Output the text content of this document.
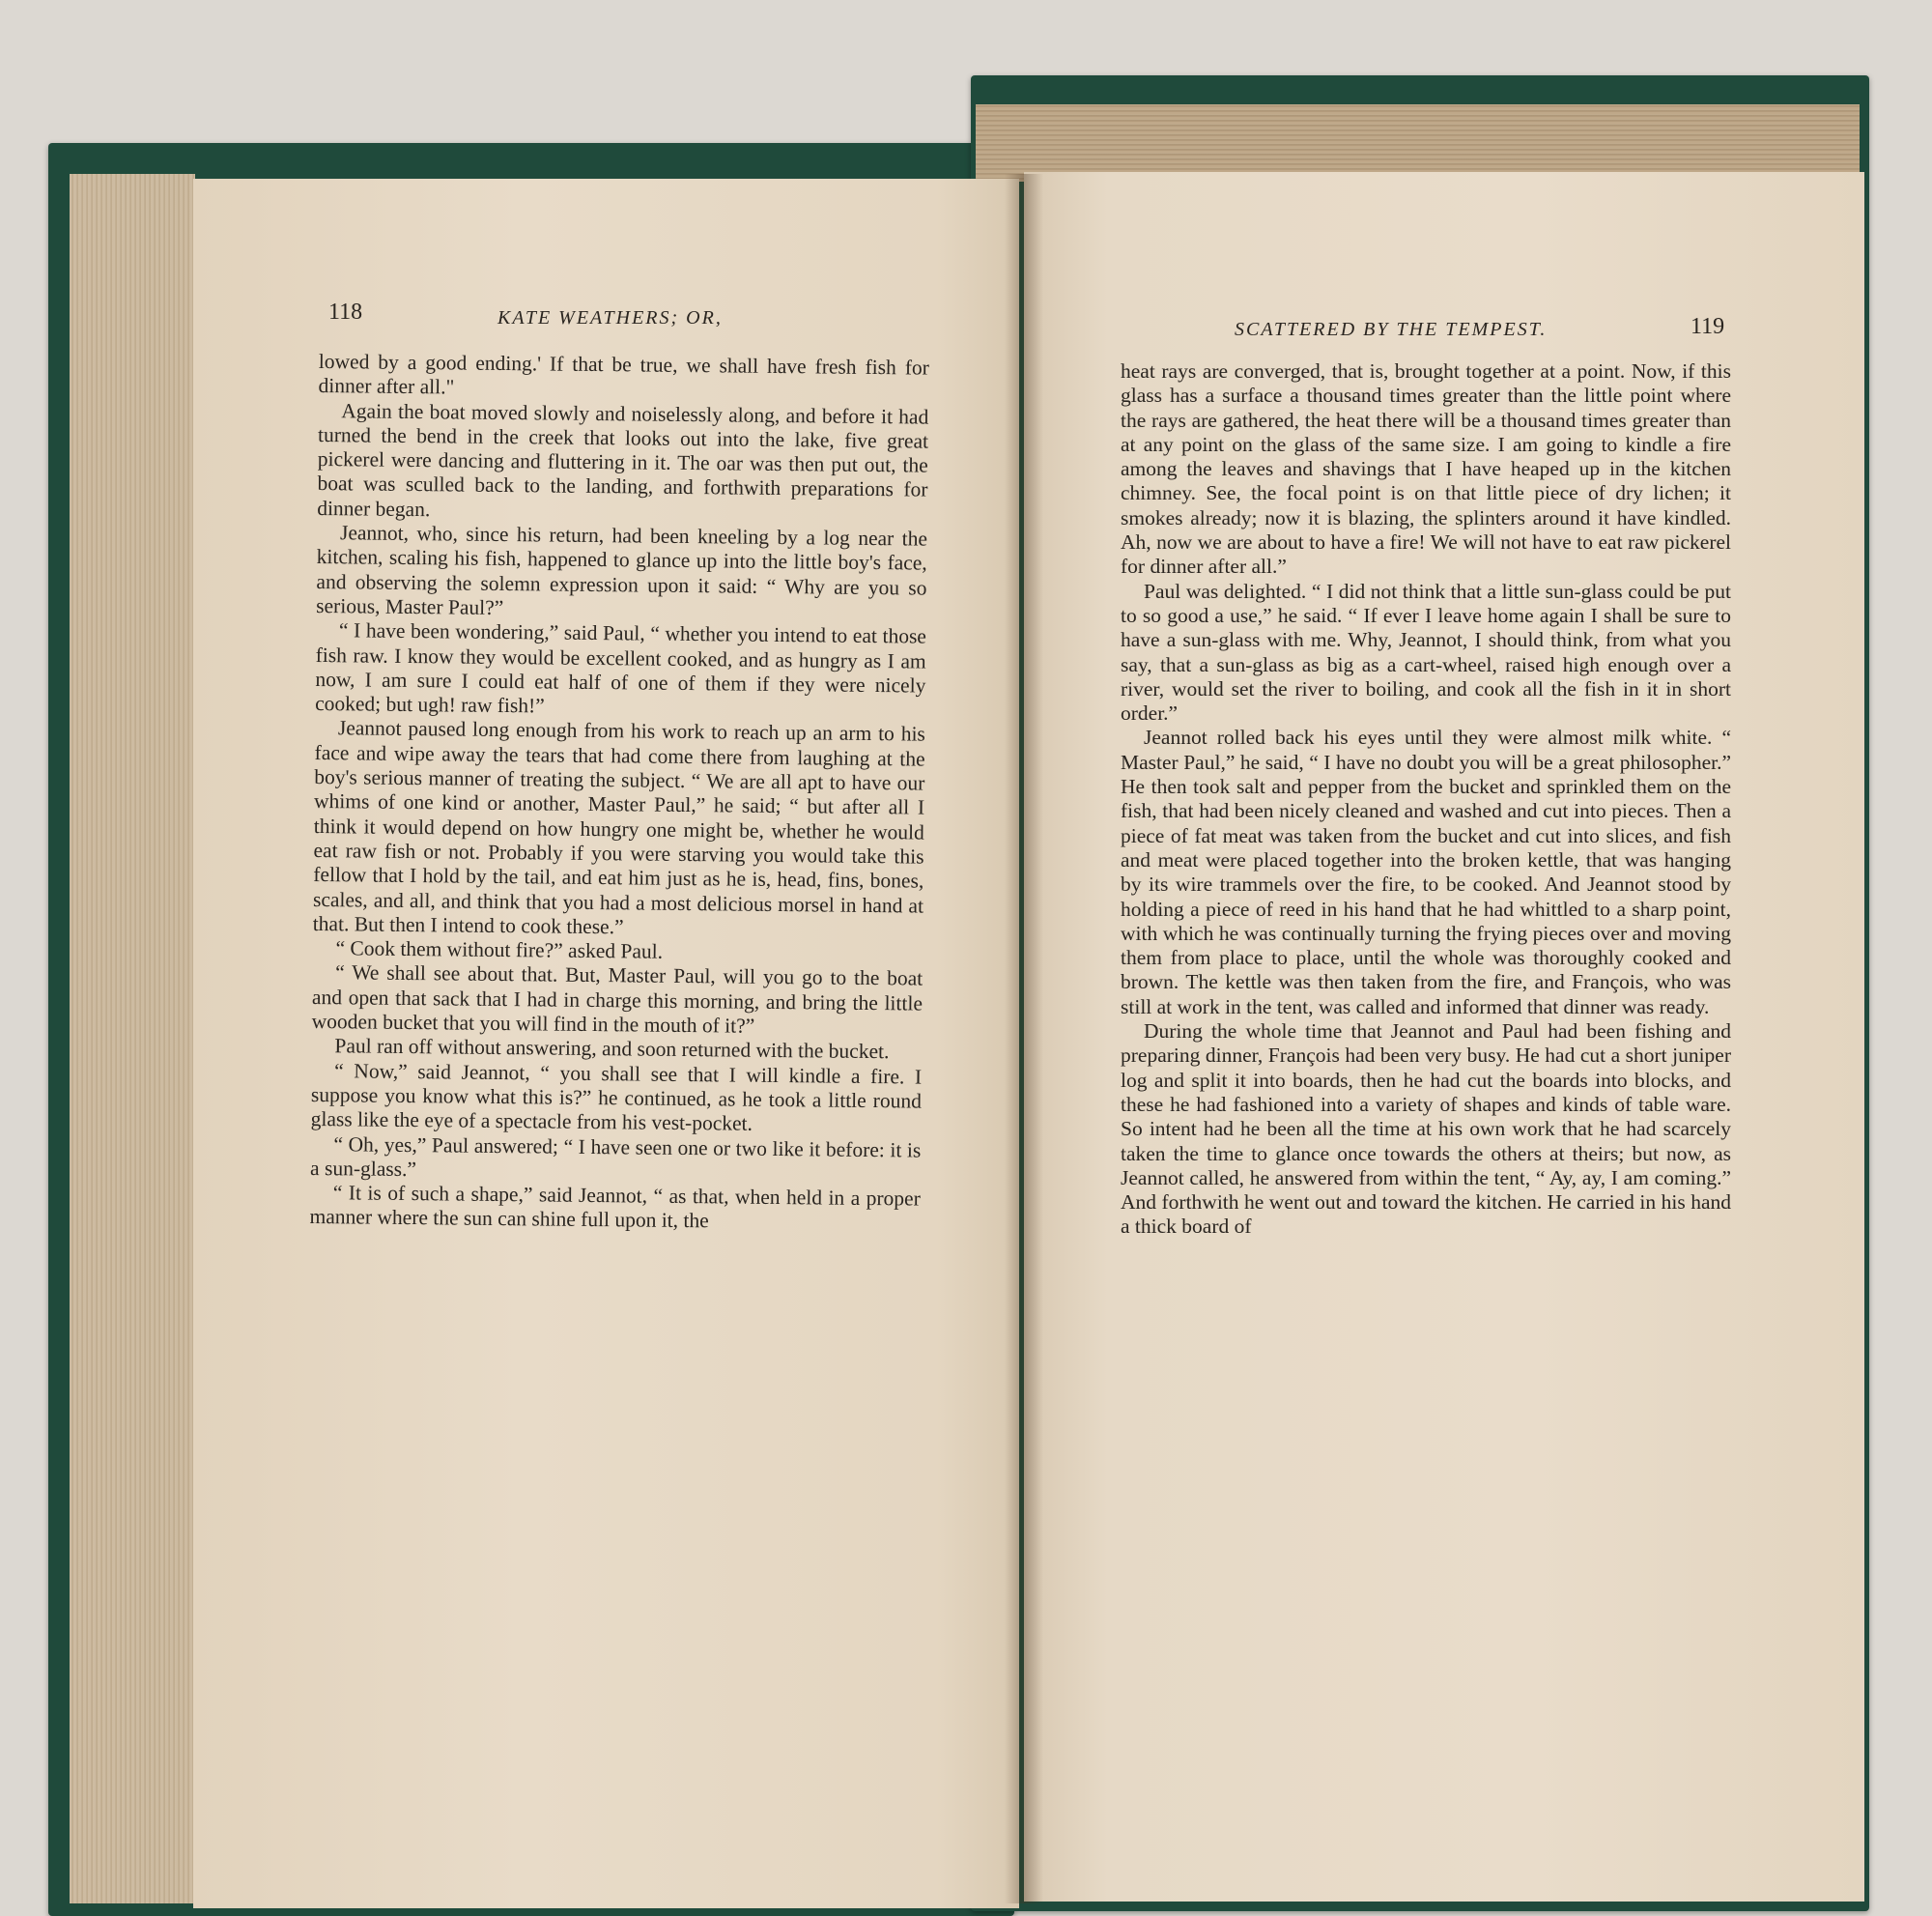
118	KATE WEATHERS; OR,
SCATTERED BY THE TEMPEST.	119

lowed by a good ending.' If that be true, we shall have fresh fish for dinner after all."

Again the boat moved slowly and noiselessly along, and before it had turned the bend in the creek that looks out into the lake, five great pickerel were dancing and fluttering in it. The oar was then put out, the boat was sculled back to the landing, and forthwith preparations for dinner began.

Jeannot, who, since his return, had been kneeling by a log near the kitchen, scaling his fish, happened to glance up into the little boy's face, and observing the solemn expression upon it said: “ Why are you so serious, Master Paul?”

“ I have been wondering,” said Paul, “ whether you intend to eat those fish raw. I know they would be excellent cooked, and as hungry as I am now, I am sure I could eat half of one of them if they were nicely cooked; but ugh! raw fish!”

Jeannot paused long enough from his work to reach up an arm to his face and wipe away the tears that had come there from laughing at the boy's serious manner of treating the subject. “ We are all apt to have our whims of one kind or another, Master Paul,” he said; “ but after all I think it would depend on how hungry one might be, whether he would eat raw fish or not. Probably if you were starving you would take this fellow that I hold by the tail, and eat him just as he is, head, fins, bones, scales, and all, and think that you had a most delicious morsel in hand at that. But then I intend to cook these.”

“ Cook them without fire?” asked Paul.

“ We shall see about that. But, Master Paul, will you go to the boat and open that sack that I had in charge this morning, and bring the little wooden bucket that you will find in the mouth of it?”

Paul ran off without answering, and soon returned with the bucket.

“ Now,” said Jeannot, “ you shall see that I will kindle a fire. I suppose you know what this is?” he continued, as he took a little round glass like the eye of a spectacle from his vest-pocket.

“ Oh, yes,” Paul answered; “ I have seen one or two like it before: it is a sun-glass.”

“ It is of such a shape,” said Jeannot, “ as that, when held in a proper manner where the sun can shine full upon it, the

heat rays are converged, that is, brought together at a point. Now, if this glass has a surface a thousand times greater than the little point where the rays are gathered, the heat there will be a thousand times greater than at any point on the glass of the same size. I am going to kindle a fire among the leaves and shavings that I have heaped up in the kitchen chimney. See, the focal point is on that little piece of dry lichen; it smokes already; now it is blazing, the splinters around it have kindled. Ah, now we are about to have a fire! We will not have to eat raw pickerel for dinner after all.”

Paul was delighted. “ I did not think that a little sun-glass could be put to so good a use,” he said. “ If ever I leave home again I shall be sure to have a sun-glass with me. Why, Jeannot, I should think, from what you say, that a sun-glass as big as a cart-wheel, raised high enough over a river, would set the river to boiling, and cook all the fish in it in short order.”

Jeannot rolled back his eyes until they were almost milk white. “ Master Paul,” he said, “ I have no doubt you will be a great philosopher.” He then took salt and pepper from the bucket and sprinkled them on the fish, that had been nicely cleaned and washed and cut into pieces. Then a piece of fat meat was taken from the bucket and cut into slices, and fish and meat were placed together into the broken kettle, that was hanging by its wire trammels over the fire, to be cooked. And Jeannot stood by holding a piece of reed in his hand that he had whittled to a sharp point, with which he was continually turning the frying pieces over and moving them from place to place, until the whole was thoroughly cooked and brown. The kettle was then taken from the fire, and François, who was still at work in the tent, was called and informed that dinner was ready.

During the whole time that Jeannot and Paul had been fishing and preparing dinner, François had been very busy. He had cut a short juniper log and split it into boards, then he had cut the boards into blocks, and these he had fashioned into a variety of shapes and kinds of table ware. So intent had he been all the time at his own work that he had scarcely taken the time to glance once towards the others at theirs; but now, as Jeannot called, he answered from within the tent, “ Ay, ay, I am coming.” And forthwith he went out and toward the kitchen. He carried in his hand a thick board of
